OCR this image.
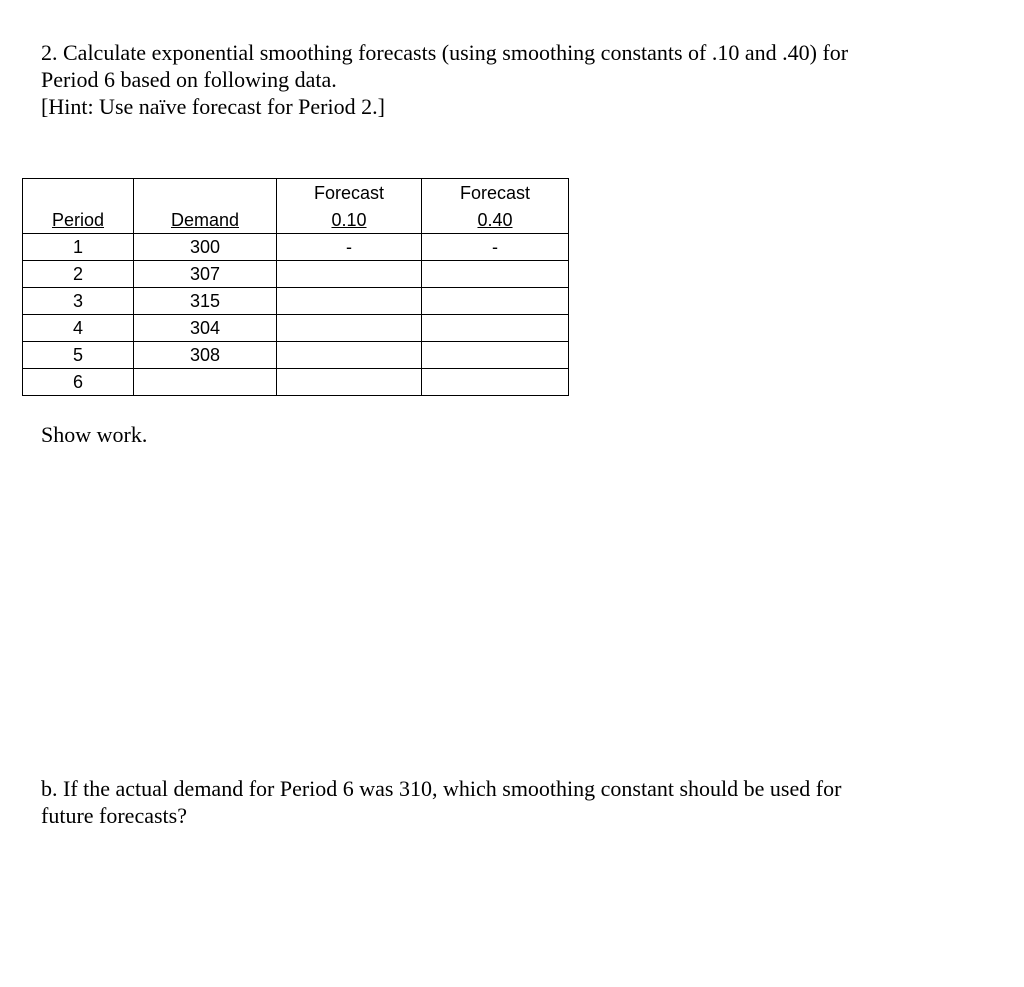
2. Calculate exponential smoothing forecasts (using smoothing constants of .10 and .40) for

Period 6 based on following data.

[Hint: Use naïve forecast for Period 2.]

		Forecast	Forecast
Period	Demand	0.10	0.40
1	300	-	-
2	307		
3	315		
4	304		
5	308		
6			
Show work.

b. If the actual demand for Period 6 was 310, which smoothing constant should be used for

future forecasts?
